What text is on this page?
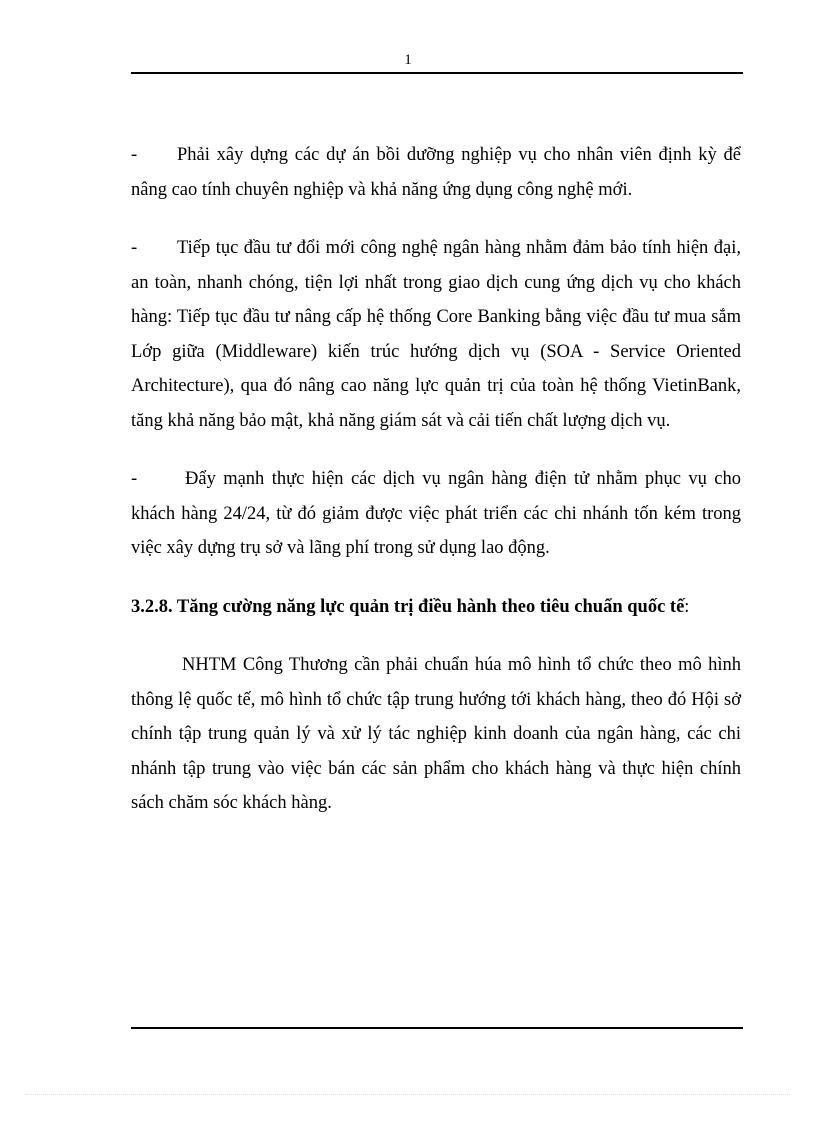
1

- Phải xây dựng các dự án bồi dưỡng nghiệp vụ cho nhân viên định kỳ để nâng cao tính chuyên nghiệp và khả năng ứng dụng công nghệ mới.

- Tiếp tục đầu tư đổi mới công nghệ ngân hàng nhằm đảm bảo tính hiện đại, an toàn, nhanh chóng, tiện lợi nhất trong giao dịch cung ứng dịch vụ cho khách hàng: Tiếp tục đầu tư nâng cấp hệ thống Core Banking bằng việc đầu tư mua sắm Lớp giữa (Middleware) kiến trúc hướng dịch vụ (SOA - Service Oriented Architecture), qua đó nâng cao năng lực quản trị của toàn hệ thống VietinBank, tăng khả năng bảo mật, khả năng giám sát và cải tiến chất lượng dịch vụ.

-	Đẩy mạnh thực hiện các dịch vụ ngân hàng điện tử nhằm phục vụ cho khách hàng 24/24, từ đó giảm được việc phát triển các chi nhánh tốn kém trong việc xây dựng trụ sở và lãng phí trong sử dụng lao động.

3.2.8. Tăng cường năng lực quản trị điều hành theo tiêu chuẩn quốc tế:

NHTM Công Thương cần phải chuẩn húa mô hình tổ chức theo mô hình thông lệ quốc tế, mô hình tổ chức tập trung hướng tới khách hàng, theo đó Hội sở chính tập trung quản lý và xử lý tác nghiệp kinh doanh của ngân hàng, các chi nhánh tập trung vào việc bán các sản phẩm cho khách hàng và thực hiện chính sách chăm sóc khách hàng.
